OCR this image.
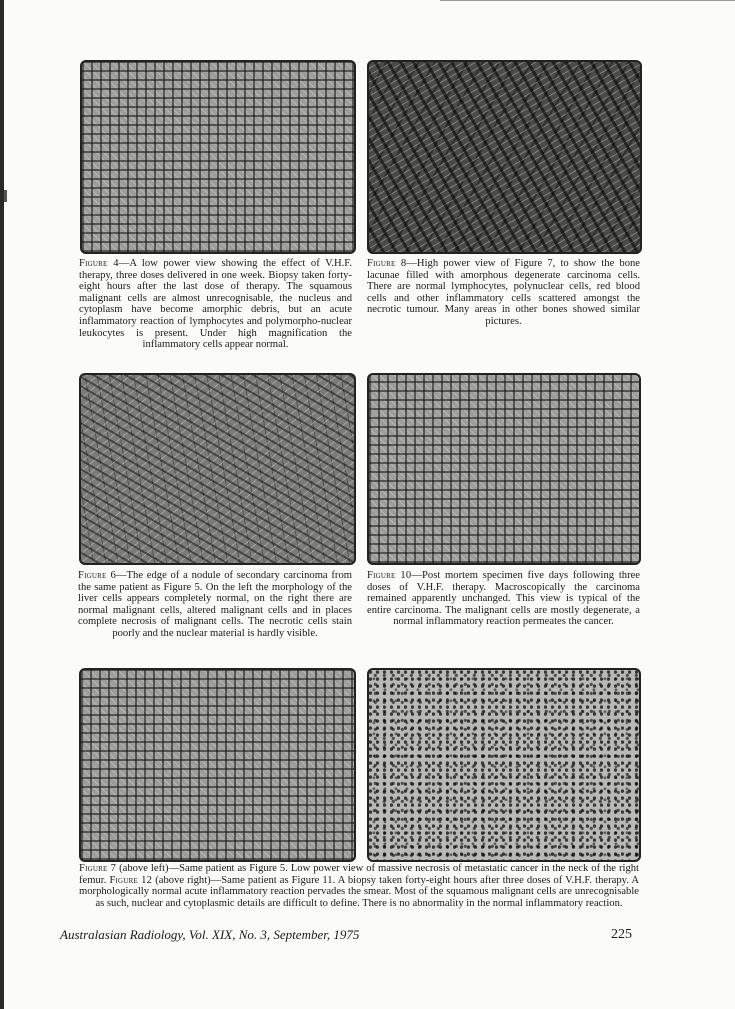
Figure 4—A low power view showing the effect of V.H.F. therapy, three doses delivered in one week. Biopsy taken forty-eight hours after the last dose of therapy. The squamous malignant cells are almost unrecognisable, the nucleus and cytoplasm have become amorphic debris, but an acute inflammatory reaction of lymphocytes and polymorpho-nuclear leukocytes is present. Under high magnification the inflammatory cells appear normal.

Figure 8—High power view of Figure 7, to show the bone lacunae filled with amorphous degenerate carcinoma cells. There are normal lymphocytes, polynuclear cells, red blood cells and other inflammatory cells scattered amongst the necrotic tumour. Many areas in other bones showed similar pictures.

Figure 6—The edge of a nodule of secondary carcinoma from the same patient as Figure 5. On the left the morphology of the liver cells appears completely normal, on the right there are normal malignant cells, altered malignant cells and in places complete necrosis of malignant cells. The necrotic cells stain poorly and the nuclear material is hardly visible.

Figure 10—Post mortem specimen five days following three doses of V.H.F. therapy. Macroscopically the carcinoma remained apparently unchanged. This view is typical of the entire carcinoma. The malignant cells are mostly degenerate, a normal inflammatory reaction permeates the cancer.

Figure 7 (above left)—Same patient as Figure 5. Low power view of massive necrosis of metastatic cancer in the neck of the right femur. Figure 12 (above right)—Same patient as Figure 11. A biopsy taken forty-eight hours after three doses of V.H.F. therapy. A morphologically normal acute inflammatory reaction pervades the smear. Most of the squamous malignant cells are unrecognisable as such, nuclear and cytoplasmic details are difficult to define. There is no abnormality in the normal inflammatory reaction.

Australasian Radiology, Vol. XIX, No. 3, September, 1975	225
